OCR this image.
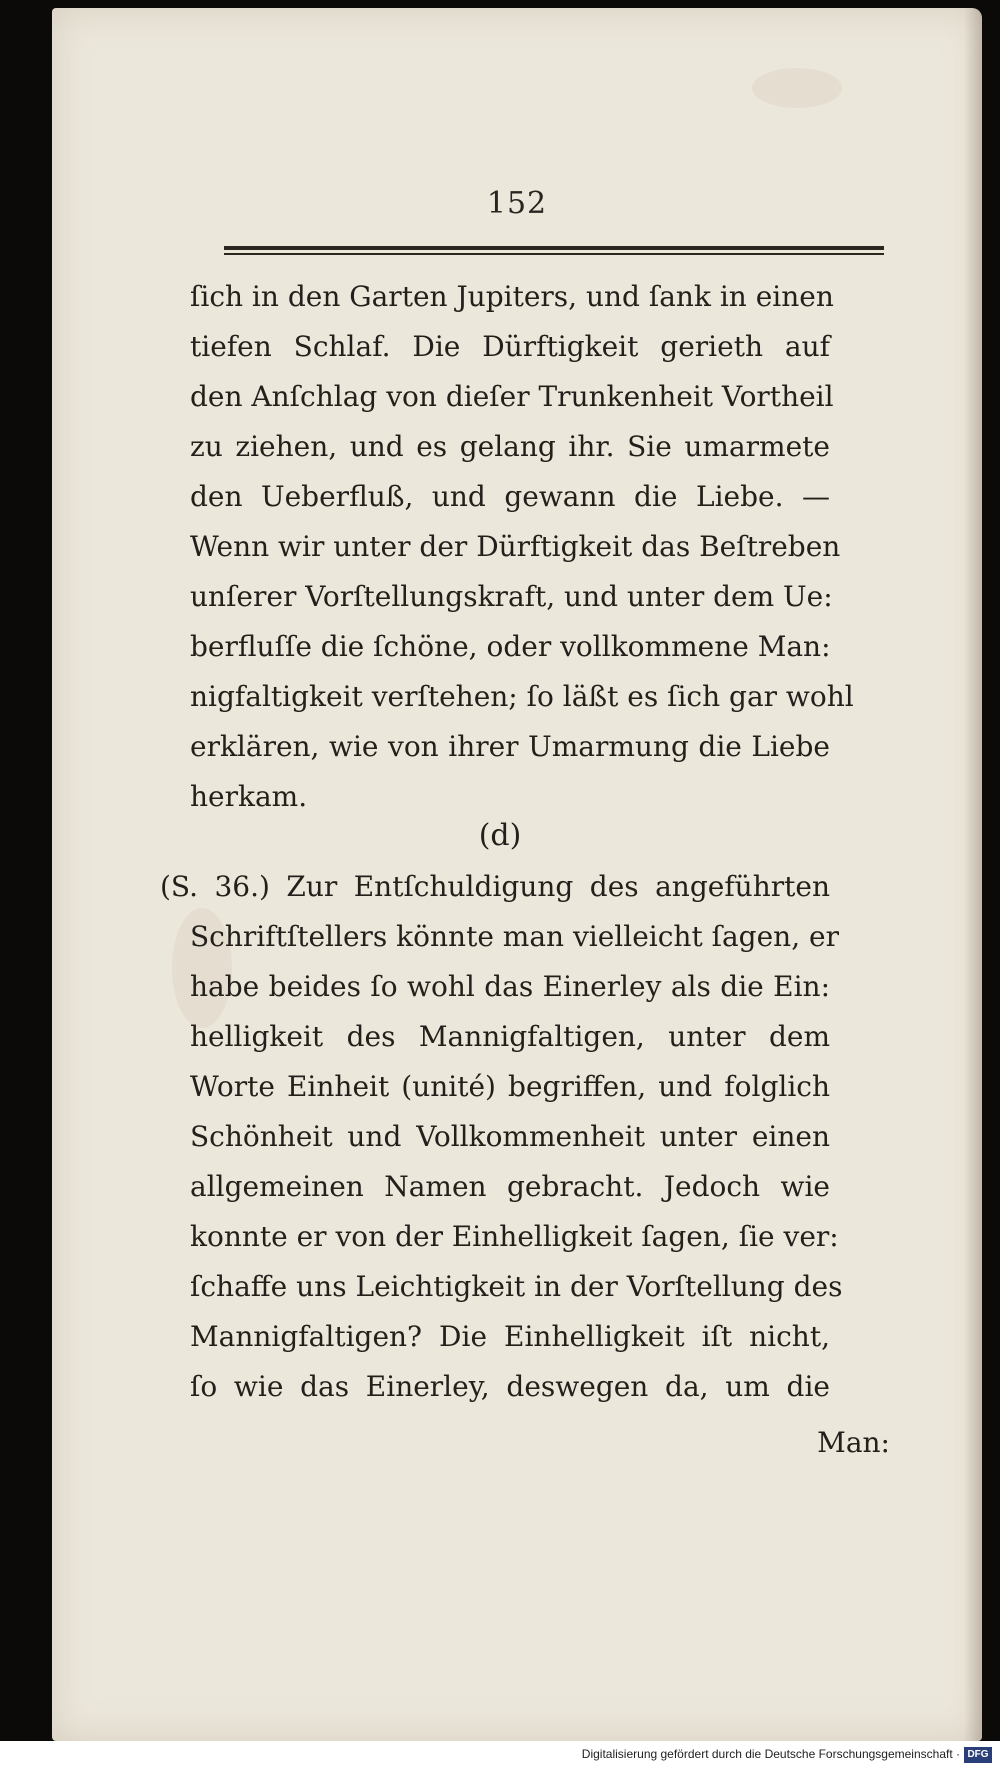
152
ſich in den Garten Jupiters, und ſank in einen
tiefen Schlaf. Die Dürftigkeit gerieth auf
den Anſchlag von dieſer Trunkenheit Vortheil
zu ziehen, und es gelang ihr. Sie umarmete
den Ueberfluß, und gewann die Liebe. —
Wenn wir unter der Dürftigkeit das Beſtreben
unſerer Vorſtellungskraft, und unter dem Ue:
berfluſſe die ſchöne, oder vollkommene Man:
nigfaltigkeit verſtehen; ſo läßt es ſich gar wohl
erklären, wie von ihrer Umarmung die Liebe
herkam.
(d)
(S. 36.) Zur Entſchuldigung des angeführten
Schriftſtellers könnte man vielleicht ſagen, er
habe beides ſo wohl das Einerley als die Ein:
helligkeit des Mannigfaltigen, unter dem
Worte Einheit (unité) begriffen, und folglich
Schönheit und Vollkommenheit unter einen
allgemeinen Namen gebracht. Jedoch wie
konnte er von der Einhelligkeit ſagen, ſie ver:
ſchaffe uns Leichtigkeit in der Vorſtellung des
Mannigfaltigen? Die Einhelligkeit iſt nicht,
ſo wie das Einerley, deswegen da, um die
Man:
Digitalisierung gefördert durch die Deutsche Forschungsgemeinschaft · DFG
